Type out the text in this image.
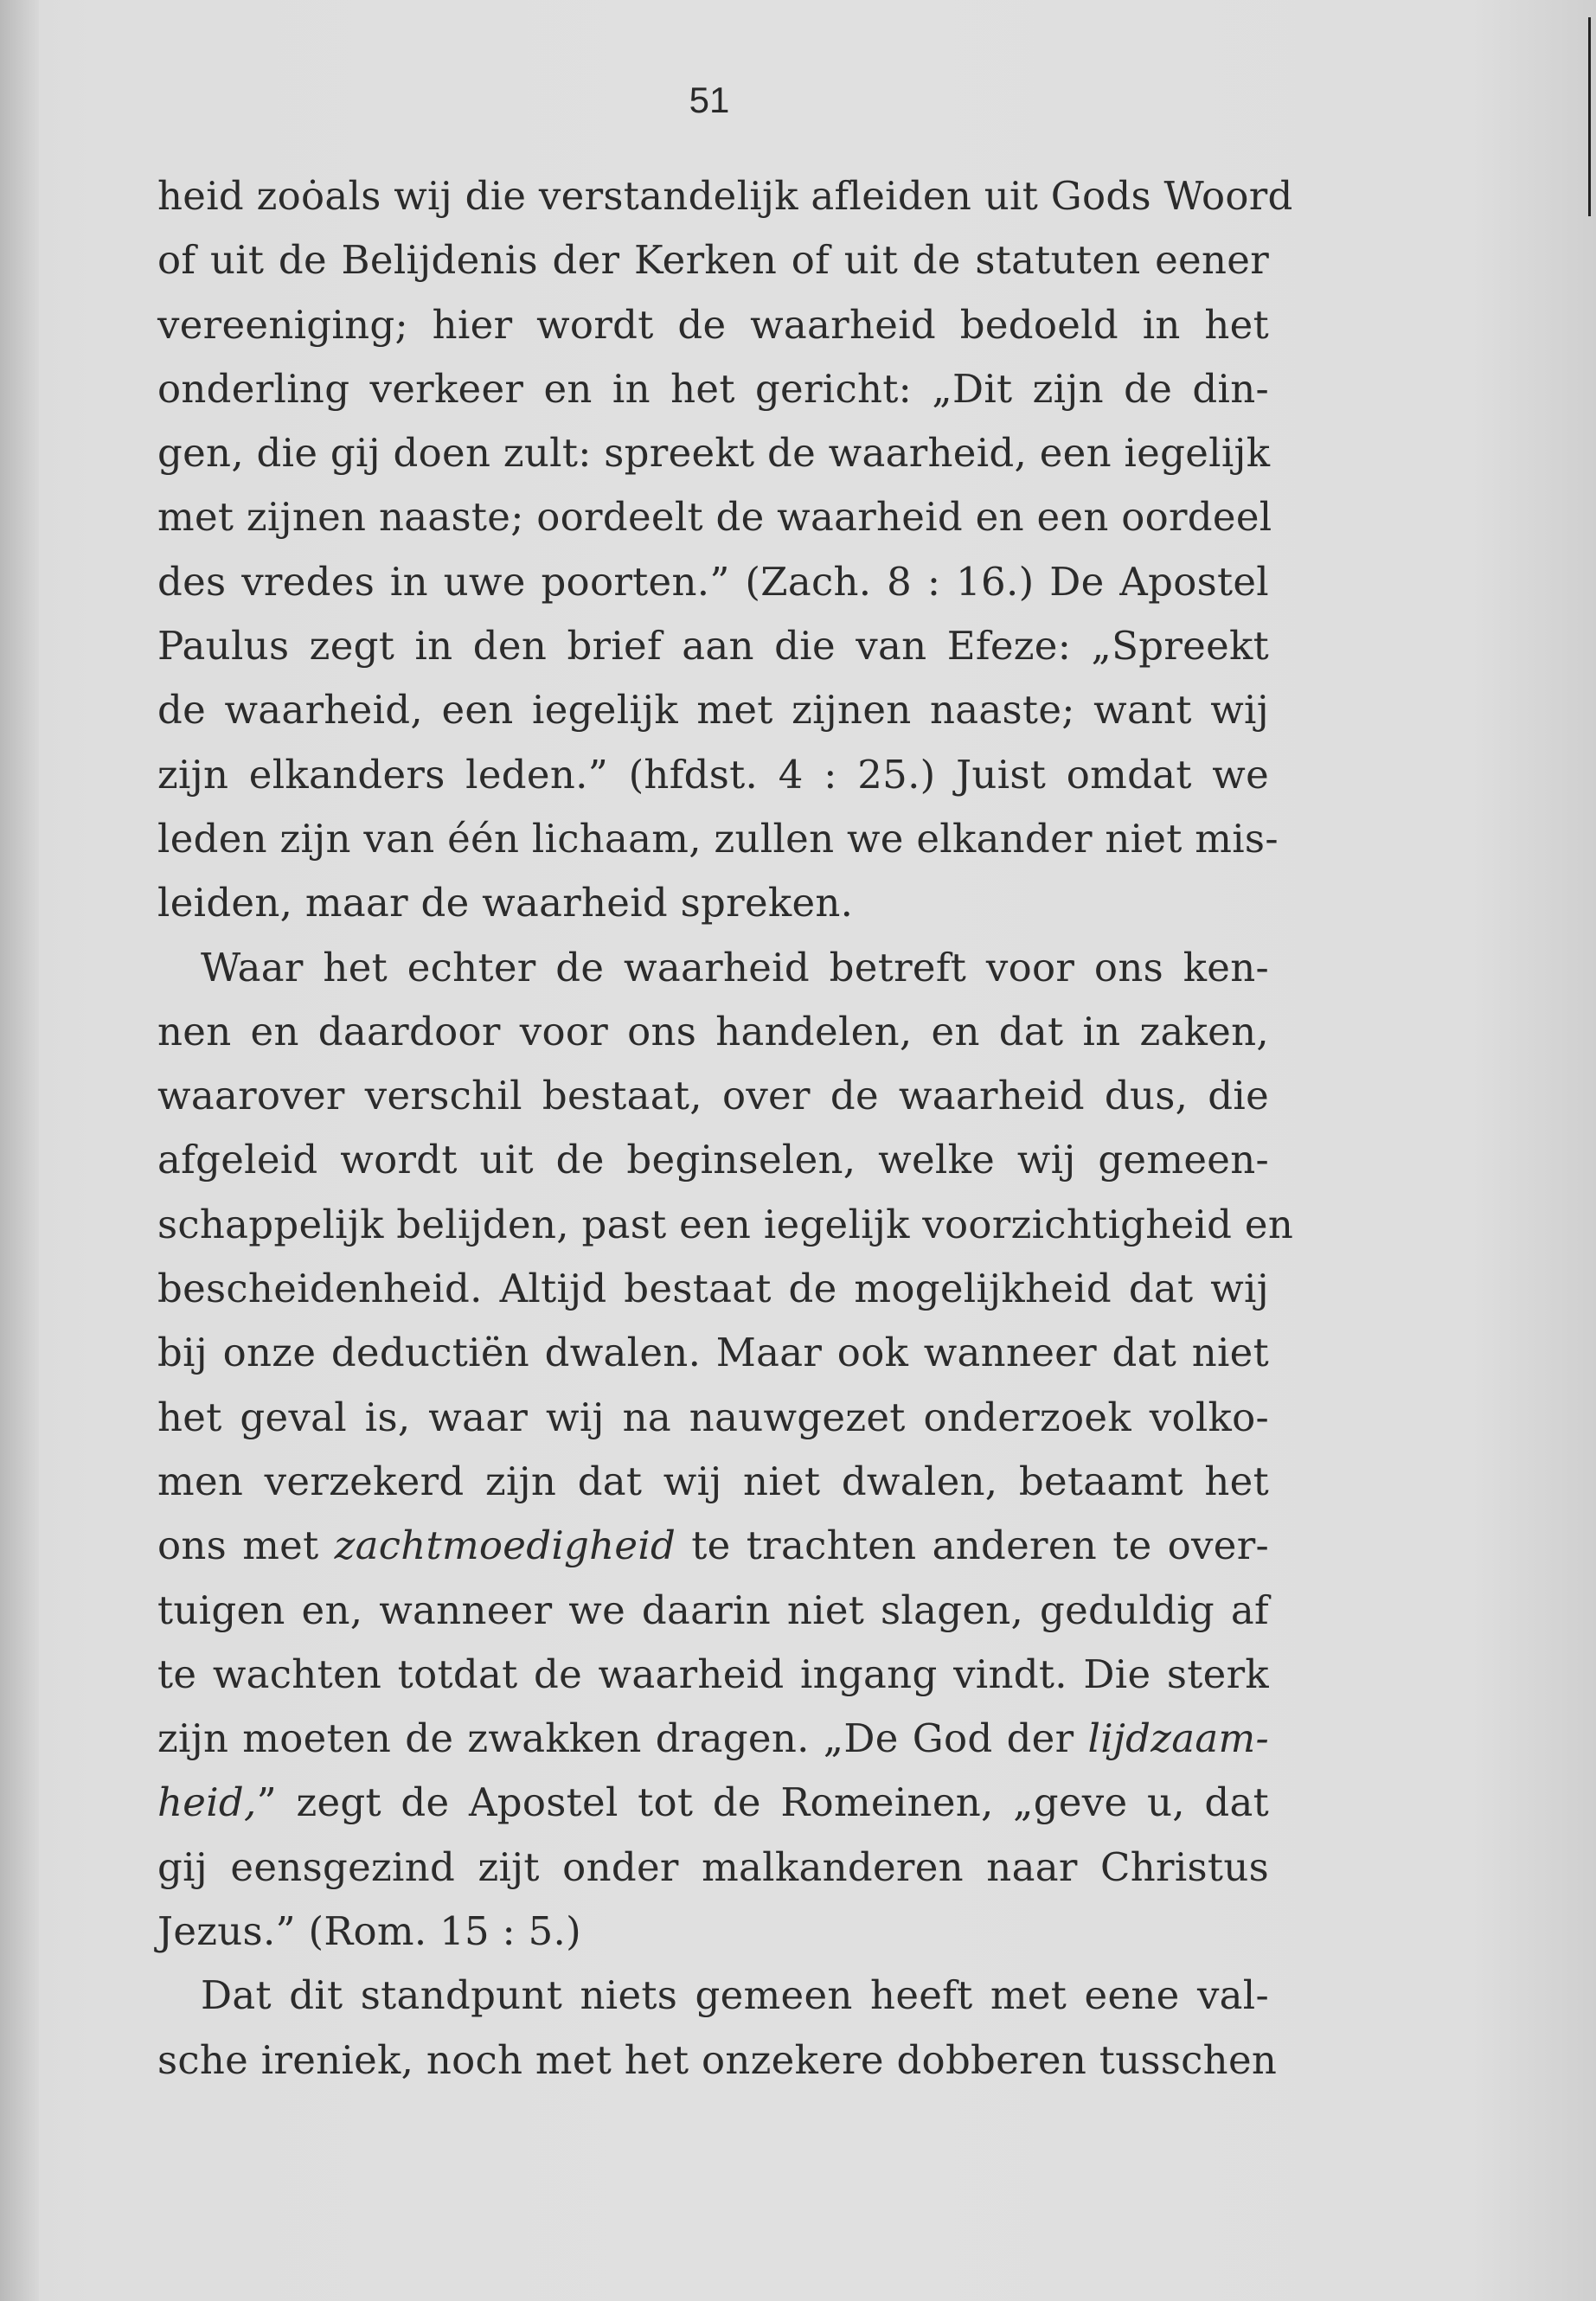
51
heid zoȯals wij die verstandelijk afleiden uit Gods Woord
of uit de Belijdenis der Kerken of uit de statuten eener
vereeniging; hier wordt de waarheid bedoeld in het
onderling verkeer en in het gericht: „Dit zijn de din-
gen, die gij doen zult: spreekt de waarheid, een iegelijk
met zijnen naaste; oordeelt de waarheid en een oordeel
des vredes in uwe poorten.” (Zach. 8 : 16.) De Apostel
Paulus zegt in den brief aan die van Efeze: „Spreekt
de waarheid, een iegelijk met zijnen naaste; want wij
zijn elkanders leden.” (hfdst. 4 : 25.) Juist omdat we
leden zijn van één lichaam, zullen we elkander niet mis-
leiden, maar de waarheid spreken.
Waar het echter de waarheid betreft voor ons ken-
nen en daardoor voor ons handelen, en dat in zaken,
waarover verschil bestaat, over de waarheid dus, die
afgeleid wordt uit de beginselen, welke wij gemeen-
schappelijk belijden, past een iegelijk voorzichtigheid en
bescheidenheid. Altijd bestaat de mogelijkheid dat wij
bij onze deductiën dwalen. Maar ook wanneer dat niet
het geval is, waar wij na nauwgezet onderzoek volko-
men verzekerd zijn dat wij niet dwalen, betaamt het
ons met zachtmoedigheid te trachten anderen te over-
tuigen en, wanneer we daarin niet slagen, geduldig af
te wachten totdat de waarheid ingang vindt. Die sterk
zijn moeten de zwakken dragen. „De God der lijdzaam-
heid,” zegt de Apostel tot de Romeinen, „geve u, dat
gij eensgezind zijt onder malkanderen naar Christus
Jezus.” (Rom. 15 : 5.)
Dat dit standpunt niets gemeen heeft met eene val-
sche ireniek, noch met het onzekere dobberen tusschen
